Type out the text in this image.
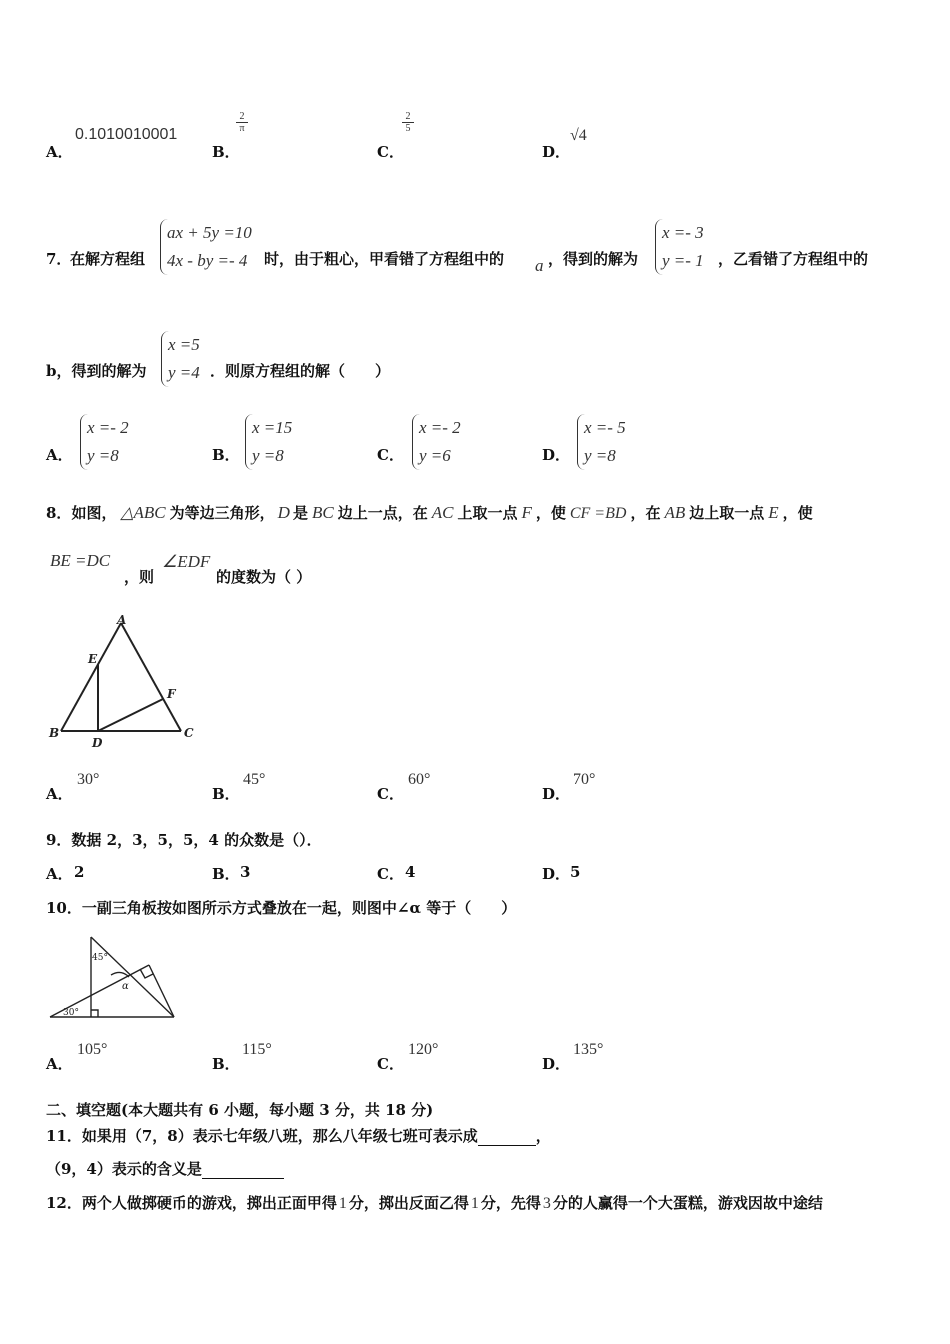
A．
0.1010010001
B．
$\frac{2}{\pi}$
C．
$\frac{2}{5}$
D．
√4
7．
在解方程组
ax + 5y =10
4x - by =- 4 时，由于粗心，甲看错了方程组中的 a ，得到的解为
x =- 3
y =- 1 ，乙看错了方程组中的
b，得到的解为
x =5
y =4 ．则原方程组的解（　　）
A．
x =- 2
y =8	B．
x =15
y =8	C．
x =- 2
y =6	D．
x =- 5
y =8
8．如图， △ABC 为等边三角形， D 是 BC 边上一点，在 AC 上取一点 F ，使 CF =BD ，在 AB 边上取一点 E ，使
BE =DC
，则
∠EDF
的度数为（ ）
A
B	C
D
E
F
A．
30°
B．
45°
C．
60°
D．
70°
9．数据 2，3，5，5，4 的众数是（）．
A． 2	B． 3	C． 4	D． 5
10．一副三角板按如图所示方式叠放在一起，则图中∠α 等于（　　）
45°
30°
α
A．
105°
B．
115°
C．
120°
D．
135°
二、填空题(本大题共有 6 小题，每小题 3 分，共 18 分)
11．如果用（7，8）表示七年级八班，那么八年级七班可表示成	，
（9，4）表示的含义是
12．两个人做掷硬币的游戏，掷出正面甲得 1 分，掷出反面乙得 1 分，先得 3 分的人赢得一个大蛋糕，游戏因故中途结
